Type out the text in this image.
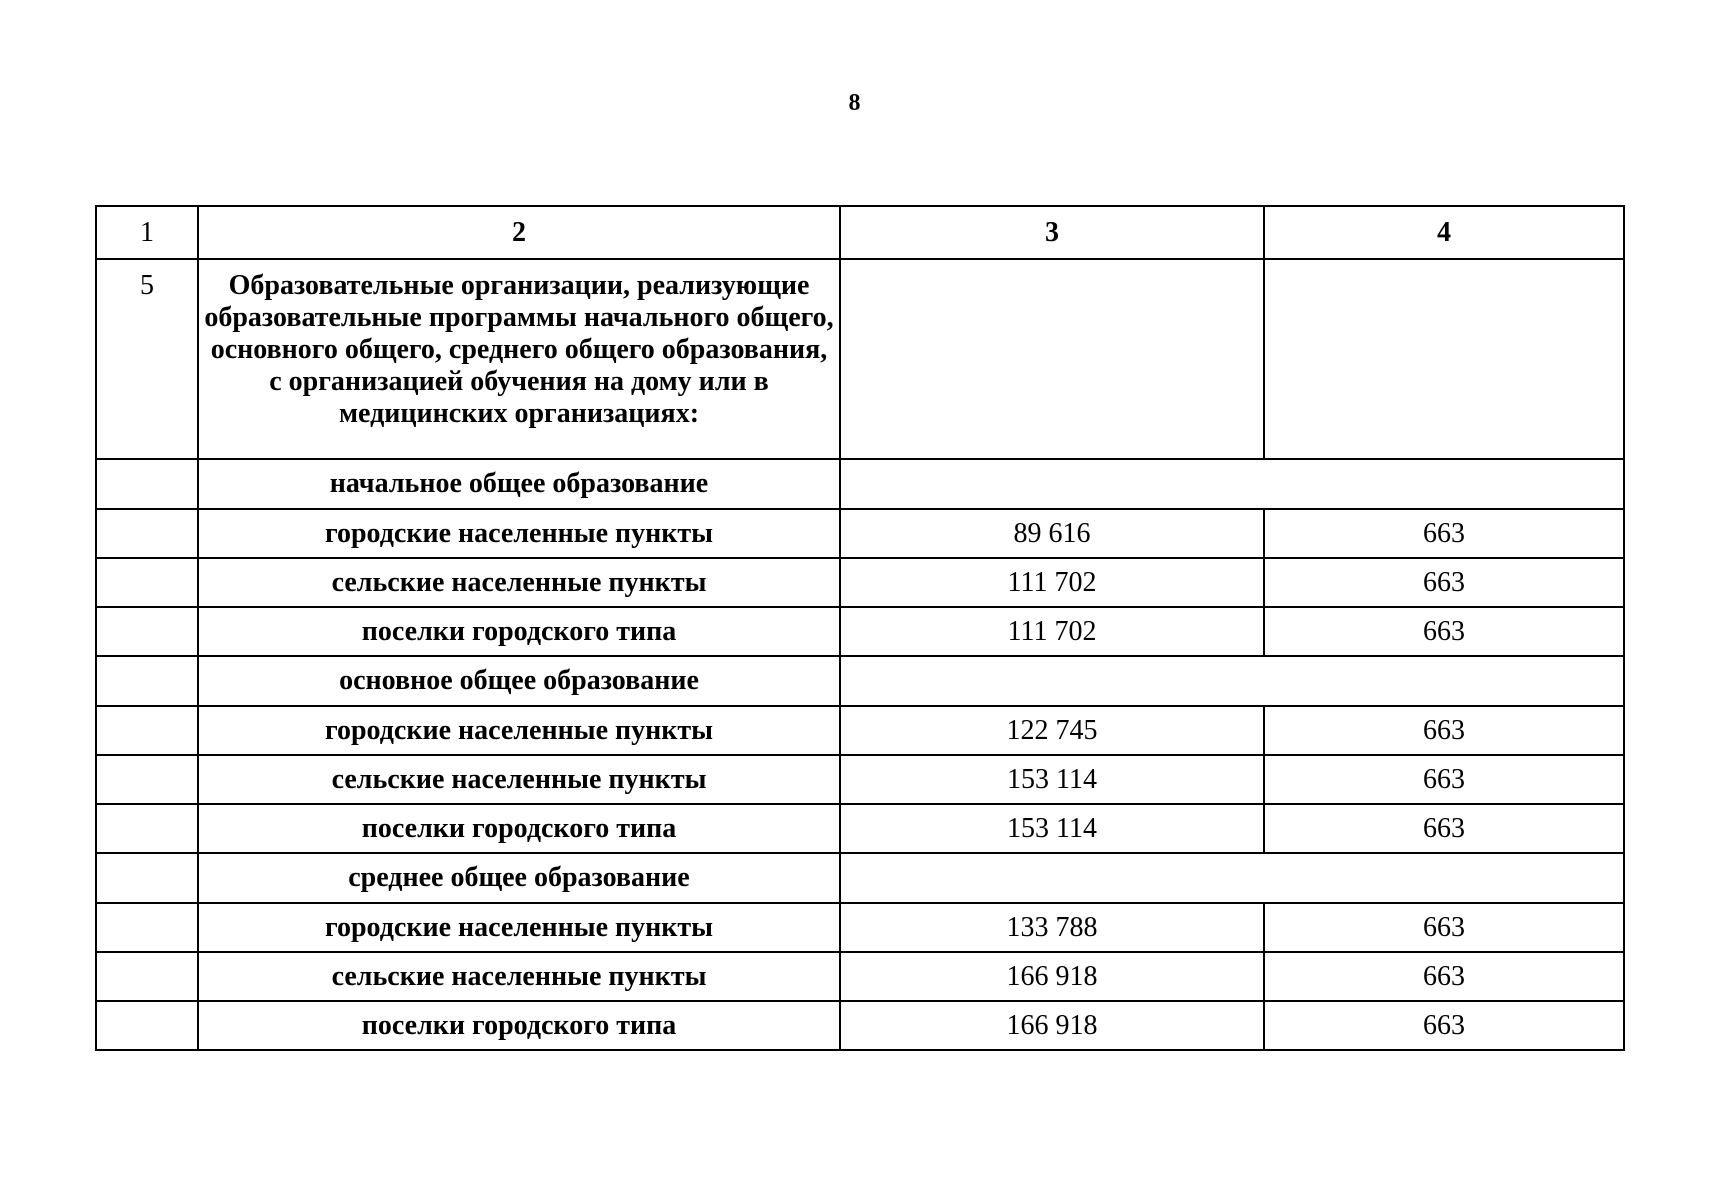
8
1	2	3	4
5	Образовательные организации, реализующие образовательные программы начального общего, основного общего, среднего общего образования, с организацией обучения на дому или в медицинских организациях:		
	начальное общее образование		
	городские населенные пункты	89 616	663
	сельские населенные пункты	111 702	663
	поселки городского типа	111 702	663
	основное общее образование		
	городские населенные пункты	122 745	663
	сельские населенные пункты	153 114	663
	поселки городского типа	153 114	663
	среднее общее образование		
	городские населенные пункты	133 788	663
	сельские населенные пункты	166 918	663
	поселки городского типа	166 918	663
